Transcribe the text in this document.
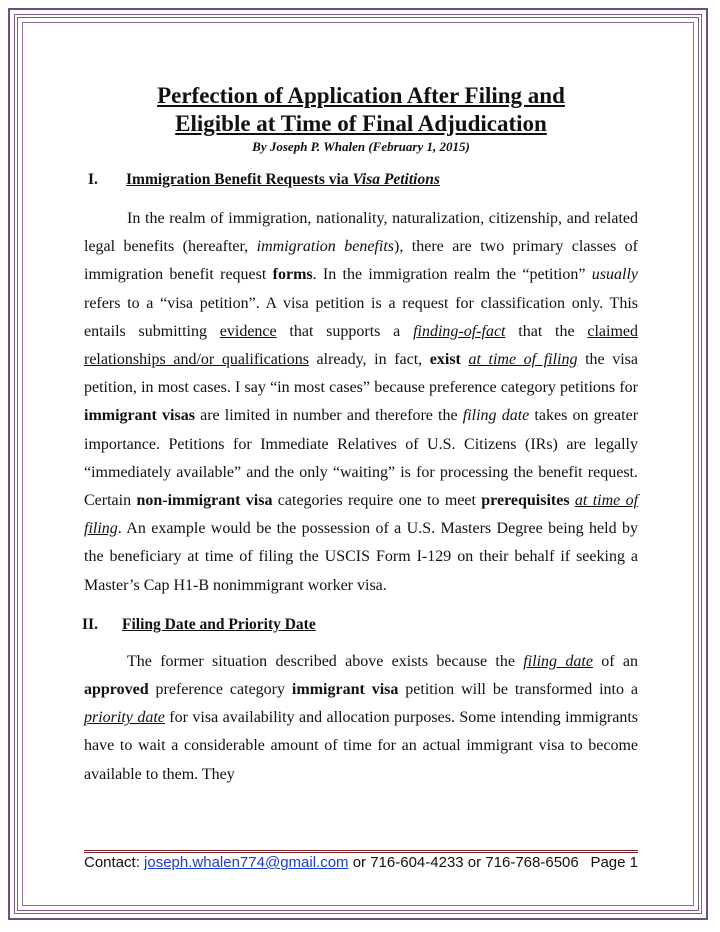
Perfection of Application After Filing and
Eligible at Time of Final Adjudication
By Joseph P. Whalen (February 1, 2015)
I.	Immigration Benefit Requests via Visa Petitions

In the realm of immigration, nationality, naturalization, citizenship, and related legal benefits (hereafter, immigration benefits), there are two primary classes of immigration benefit request forms. In the immigration realm the “petition” usually refers to a “visa petition”. A visa petition is a request for classification only. This entails submitting evidence that supports a finding-of-fact that the claimed relationships and/or qualifications already, in fact, exist at time of filing the visa petition, in most cases. I say “in most cases” because preference category petitions for immigrant visas are limited in number and therefore the filing date takes on greater importance. Petitions for Immediate Relatives of U.S. Citizens (IRs) are legally “immediately available” and the only “waiting” is for processing the benefit request. Certain non-immigrant visa categories require one to meet prerequisites at time of filing. An example would be the possession of a U.S. Masters Degree being held by the beneficiary at time of filing the USCIS Form I-129 on their behalf if seeking a Master’s Cap H1-B nonimmigrant worker visa.

II.	Filing Date and Priority Date

The former situation described above exists because the filing date of an approved preference category immigrant visa petition will be transformed into a priority date for visa availability and allocation purposes. Some intending immigrants have to wait a considerable amount of time for an actual immigrant visa to become available to them. They

Contact: joseph.whalen774@gmail.com or 716-604-4233 or 716-768-6506 Page 1
